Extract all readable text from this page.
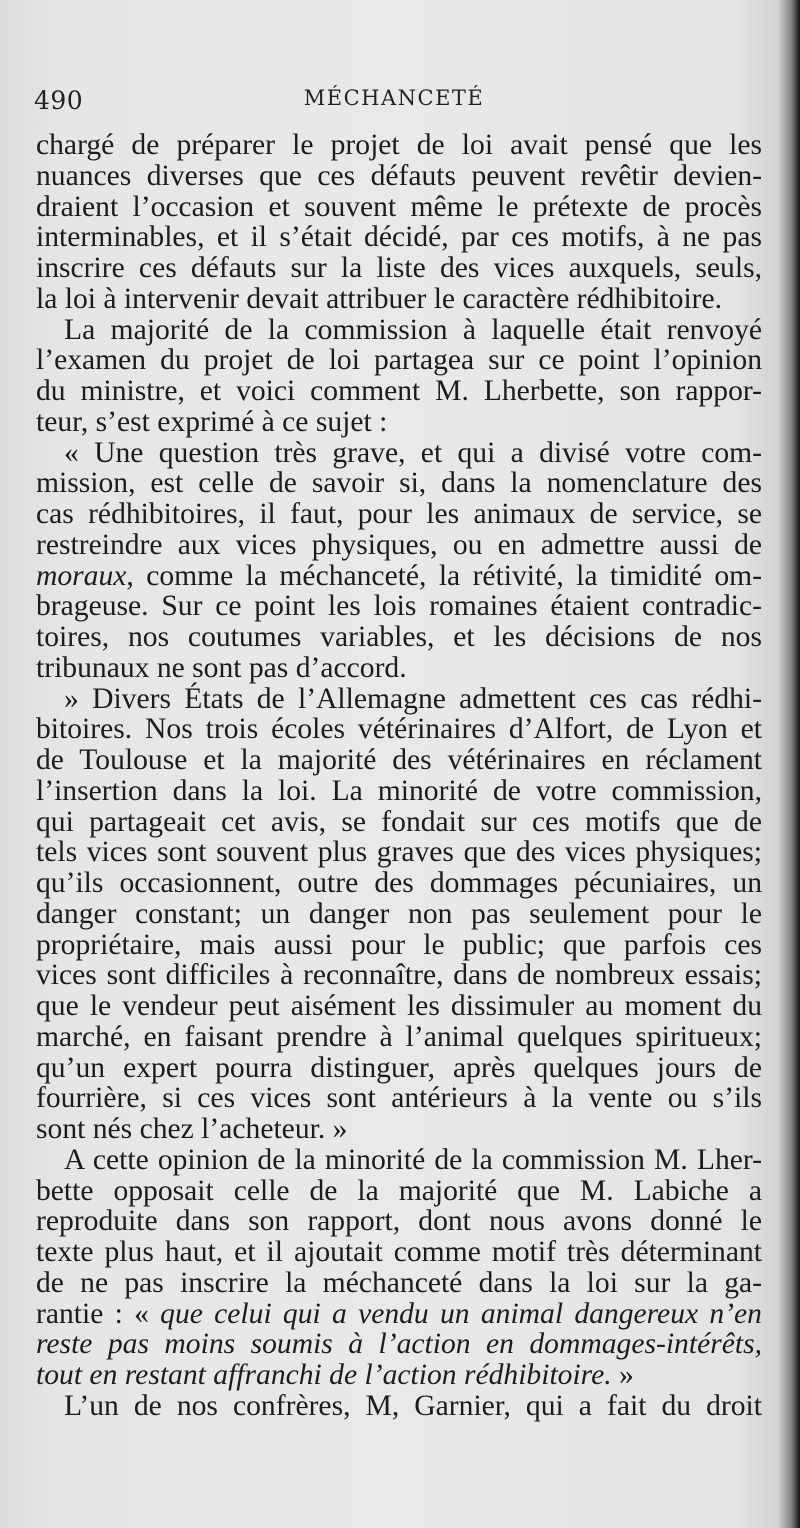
490	MÉCHANCETÉ
chargé de préparer le projet de loi avait pensé que les
nuances diverses que ces défauts peuvent revêtir devien-
draient l’occasion et souvent même le prétexte de procès
interminables, et il s’était décidé, par ces motifs, à ne pas
inscrire ces défauts sur la liste des vices auxquels, seuls,
la loi à intervenir devait attribuer le caractère rédhibitoire.
La majorité de la commission à laquelle était renvoyé
l’examen du projet de loi partagea sur ce point l’opinion
du ministre, et voici comment M. Lherbette, son rappor-
teur, s’est exprimé à ce sujet :
« Une question très grave, et qui a divisé votre com-
mission, est celle de savoir si, dans la nomenclature des
cas rédhibitoires, il faut, pour les animaux de service, se
restreindre aux vices physiques, ou en admettre aussi de
moraux, comme la méchanceté, la rétivité, la timidité om-
brageuse. Sur ce point les lois romaines étaient contradic-
toires, nos coutumes variables, et les décisions de nos
tribunaux ne sont pas d’accord.
» Divers États de l’Allemagne admettent ces cas rédhi-
bitoires. Nos trois écoles vétérinaires d’Alfort, de Lyon et
de Toulouse et la majorité des vétérinaires en réclament
l’insertion dans la loi. La minorité de votre commission,
qui partageait cet avis, se fondait sur ces motifs que de
tels vices sont souvent plus graves que des vices physiques;
qu’ils occasionnent, outre des dommages pécuniaires, un
danger constant; un danger non pas seulement pour le
propriétaire, mais aussi pour le public; que parfois ces
vices sont difficiles à reconnaître, dans de nombreux essais;
que le vendeur peut aisément les dissimuler au moment du
marché, en faisant prendre à l’animal quelques spiritueux;
qu’un expert pourra distinguer, après quelques jours de
fourrière, si ces vices sont antérieurs à la vente ou s’ils
sont nés chez l’acheteur. »
A cette opinion de la minorité de la commission M. Lher-
bette opposait celle de la majorité que M. Labiche a
reproduite dans son rapport, dont nous avons donné le
texte plus haut, et il ajoutait comme motif très déterminant
de ne pas inscrire la méchanceté dans la loi sur la ga-
rantie : « que celui qui a vendu un animal dangereux n’en
reste pas moins soumis à l’action en dommages-intérêts,
tout en restant affranchi de l’action rédhibitoire. »
L’un de nos confrères, M, Garnier, qui a fait du droit
